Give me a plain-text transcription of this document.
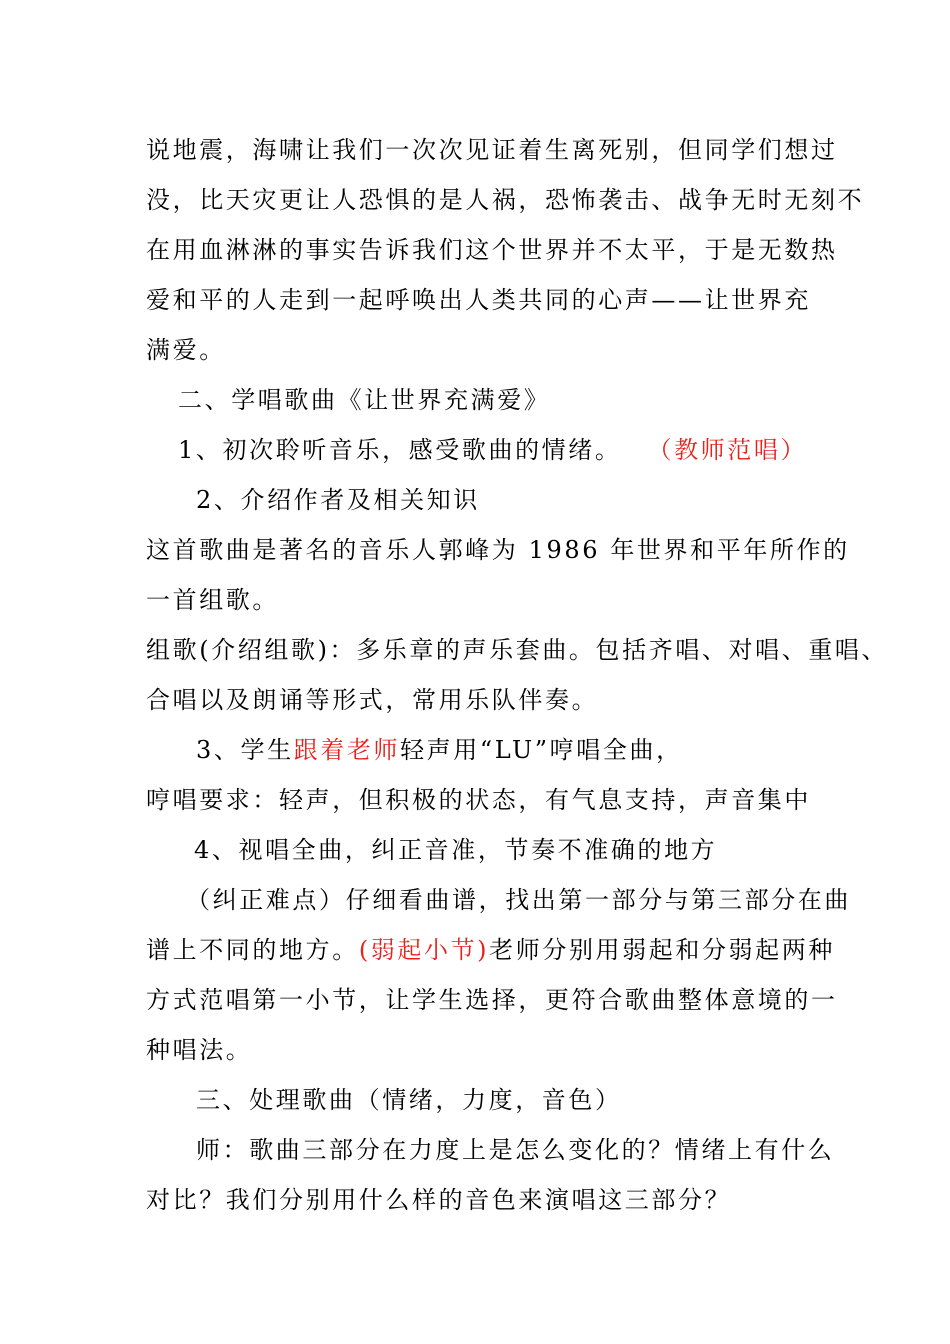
说地震，海啸让我们一次次见证着生离死别，但同学们想过
没，比天灾更让人恐惧的是人祸，恐怖袭击、战争无时无刻不
在用血淋淋的事实告诉我们这个世界并不太平，于是无数热
爱和平的人走到一起呼唤出人类共同的心声——让世界充
满爱。
二、学唱歌曲《让世界充满爱》
1、初次聆听音乐，感受歌曲的情绪。 （教师范唱）
2、介绍作者及相关知识
这首歌曲是著名的音乐人郭峰为 1986 年世界和平年所作的
一首组歌。
组歌(介绍组歌)：多乐章的声乐套曲。包括齐唱、对唱、重唱、
合唱以及朗诵等形式，常用乐队伴奏。
3、学生跟着老师轻声用“LU”哼唱全曲，
哼唱要求：轻声，但积极的状态，有气息支持，声音集中
4、视唱全曲，纠正音准，节奏不准确的地方
（纠正难点）仔细看曲谱，找出第一部分与第三部分在曲
谱上不同的地方。(弱起小节)老师分别用弱起和分弱起两种
方式范唱第一小节，让学生选择，更符合歌曲整体意境的一
种唱法。
三、处理歌曲（情绪，力度，音色）
师：歌曲三部分在力度上是怎么变化的？情绪上有什么
对比？我们分别用什么样的音色来演唱这三部分？
